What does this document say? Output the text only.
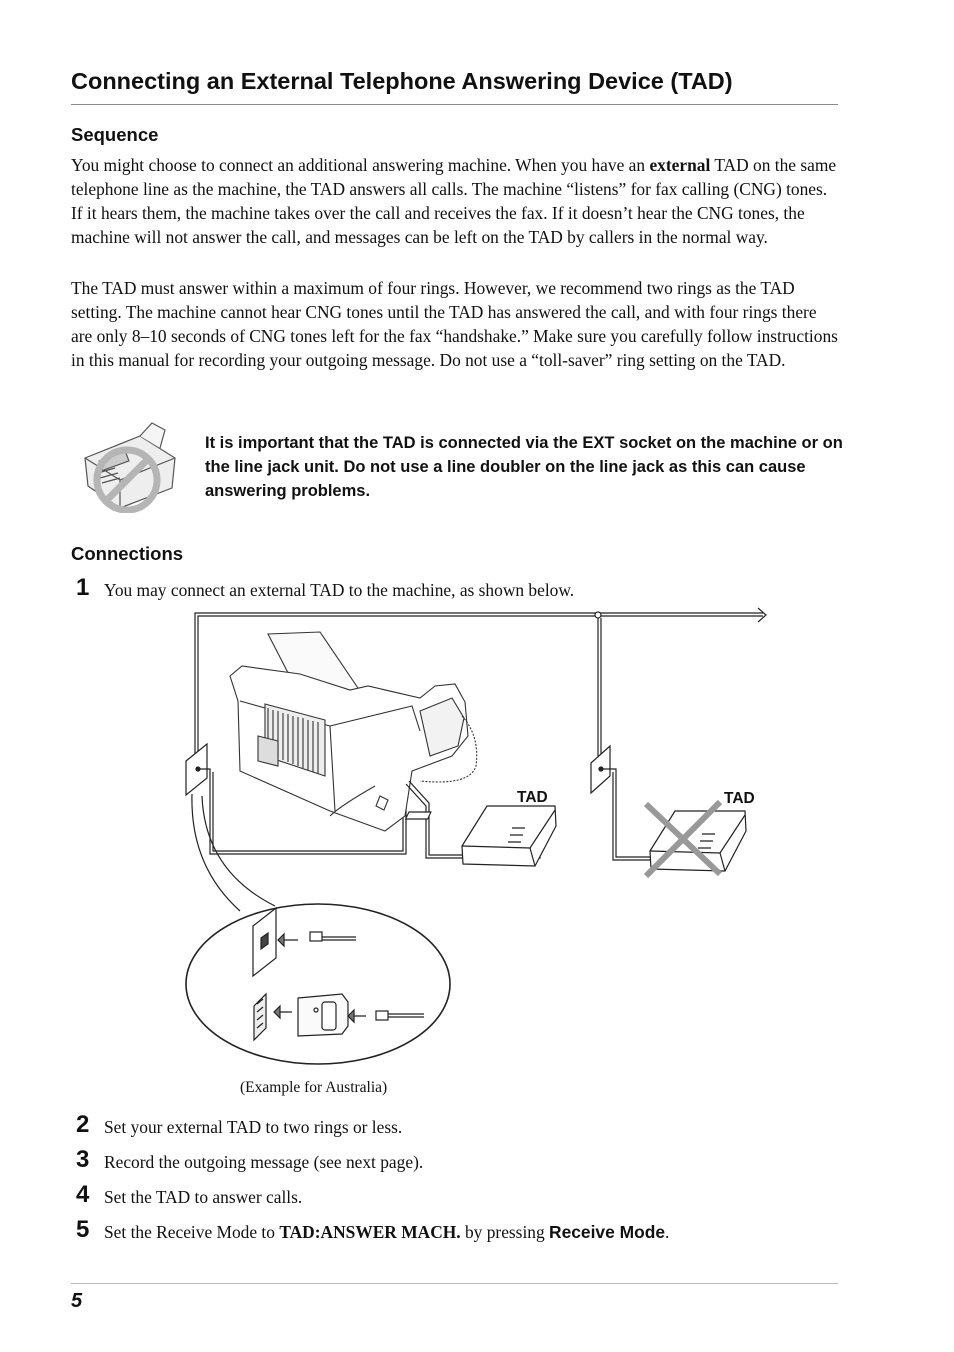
Connecting an External Telephone Answering Device (TAD)
Sequence
You might choose to connect an additional answering machine. When you have an external TAD on the same telephone line as the machine, the TAD answers all calls. The machine “listens” for fax calling (CNG) tones. If it hears them, the machine takes over the call and receives the fax. If it doesn’t hear the CNG tones, the machine will not answer the call, and messages can be left on the TAD by callers in the normal way.
The TAD must answer within a maximum of four rings. However, we recommend two rings as the TAD setting. The machine cannot hear CNG tones until the TAD has answered the call, and with four rings there are only 8–10 seconds of CNG tones left for the fax “handshake.” Make sure you carefully follow instructions in this manual for recording your outgoing message. Do not use a “toll-saver” ring setting on the TAD.
It is important that the TAD is connected via the EXT socket on the machine or on the line jack unit. Do not use a line doubler on the line jack as this can cause answering problems.
Connections
1 You may connect an external TAD to the machine, as shown below.
TAD	TAD
(Example for Australia)
2 Set your external TAD to two rings or less.
3 Record the outgoing message (see next page).
4 Set the TAD to answer calls.
5 Set the Receive Mode to TAD:ANSWER MACH. by pressing Receive Mode.
5
